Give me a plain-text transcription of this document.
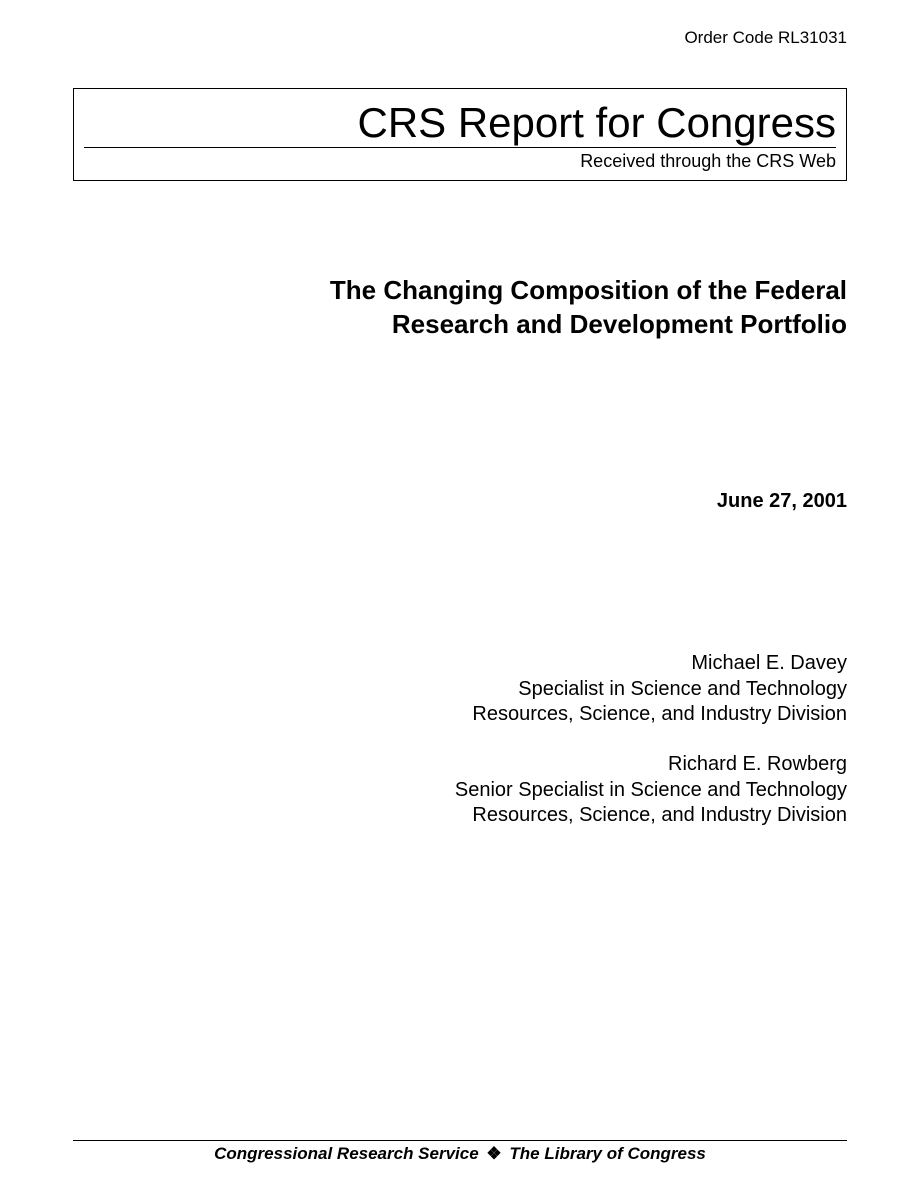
Order Code RL31031
CRS Report for Congress
Received through the CRS Web
The Changing Composition of the Federal
Research and Development Portfolio
June 27, 2001
Michael E. Davey
Specialist in Science and Technology
Resources, Science, and Industry Division
Richard E. Rowberg
Senior Specialist in Science and Technology
Resources, Science, and Industry Division
Congressional Research Service ❖ The Library of Congress
